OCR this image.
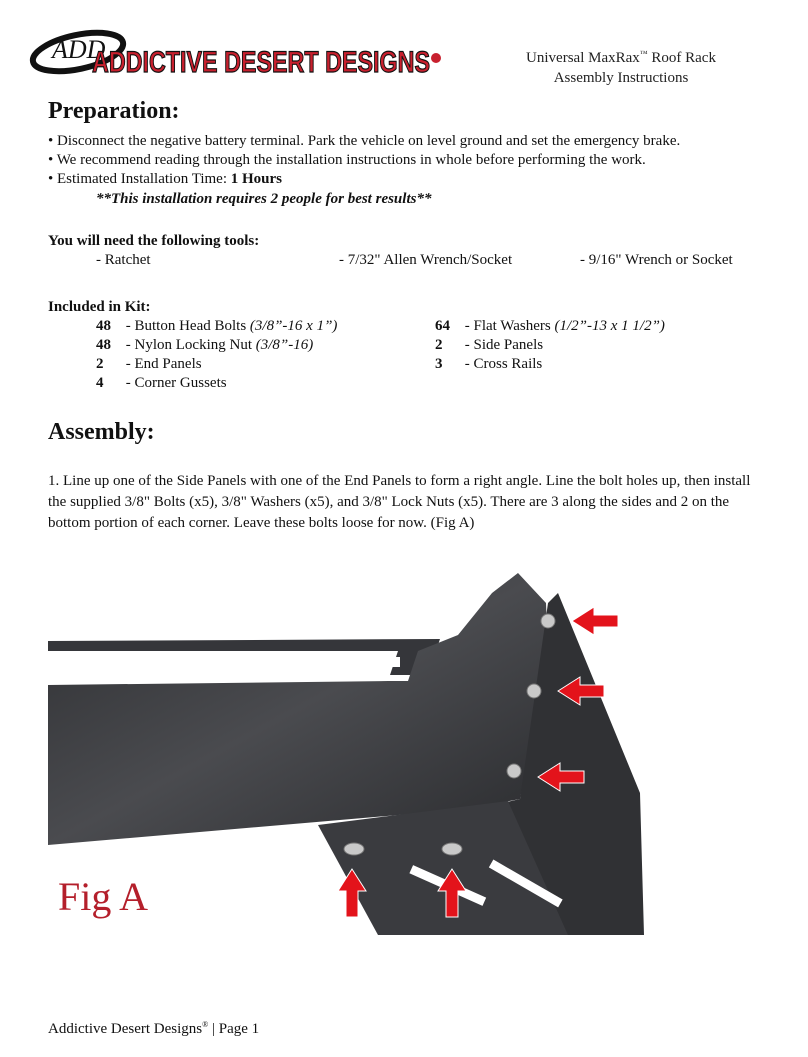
ADD
ADDICTIVE DESERT DESIGNS	Universal MaxRax™ Roof Rack
Assembly Instructions
Preparation:
• Disconnect the negative battery terminal. Park the vehicle on level ground and set the emergency brake.
• We recommend reading through the installation instructions in whole before performing the work.
• Estimated Installation Time: 1 Hours
**This installation requires 2 people for best results**
You will need the following tools:
- Ratchet	- 7/32" Allen Wrench/Socket	- 9/16" Wrench or Socket
Included in Kit:
48 - Button Head Bolts (3/8”-16 x 1”)
48 - Nylon Locking Nut (3/8”-16)
2 - End Panels
4 - Corner Gussets
64 - Flat Washers (1/2”-13 x 1 1/2”)
2 - Side Panels
3 - Cross Rails
Assembly:
1. Line up one of the Side Panels with one of the End Panels to form a right angle. Line the bolt holes up, then install the supplied 3/8" Bolts (x5), 3/8" Washers (x5), and 3/8" Lock Nuts (x5). There are 3 along the sides and 2 on the bottom portion of each corner. Leave these bolts loose for now. (Fig A)
Fig A
Addictive Desert Designs® | Page 1
